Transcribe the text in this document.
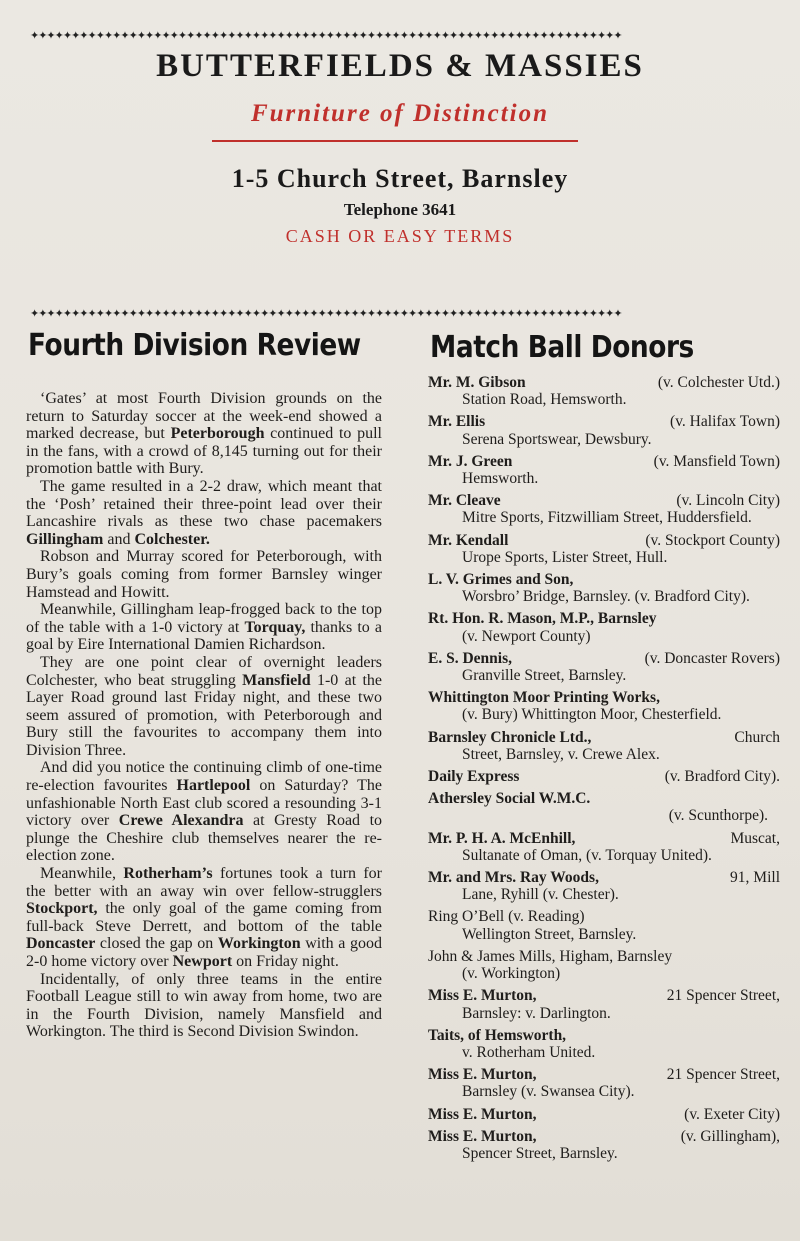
✦✦✦✦✦✦✦✦✦✦✦✦✦✦✦✦✦✦✦✦✦✦✦✦✦✦✦✦✦✦✦✦✦✦✦✦✦✦✦✦✦✦✦✦✦✦✦✦✦✦✦✦✦✦✦✦✦✦✦✦✦✦✦✦✦✦✦✦✦✦✦✦
BUTTERFIELDS & MASSIES
Furniture of Distinction
1-5 Church Street, Barnsley
Telephone 3641
CASH OR EASY TERMS
✦✦✦✦✦✦✦✦✦✦✦✦✦✦✦✦✦✦✦✦✦✦✦✦✦✦✦✦✦✦✦✦✦✦✦✦✦✦✦✦✦✦✦✦✦✦✦✦✦✦✦✦✦✦✦✦✦✦✦✦✦✦✦✦✦✦✦✦✦✦✦✦
Fourth Division Review

‘Gates’ at most Fourth Division grounds on the return to Saturday soccer at the week-end showed a marked decrease, but Peterborough continued to pull in the fans, with a crowd of 8,145 turning out for their promotion battle with Bury.

The game resulted in a 2-2 draw, which meant that the ‘Posh’ retained their three-point lead over their Lancashire rivals as these two chase pacemakers Gillingham and Colchester.

Robson and Murray scored for Peterborough, with Bury’s goals coming from former Barnsley winger Hamstead and Howitt.

Meanwhile, Gillingham leap-frogged back to the top of the table with a 1-0 victory at Torquay, thanks to a goal by Eire International Damien Richardson.

They are one point clear of overnight leaders Colchester, who beat struggling Mansfield 1-0 at the Layer Road ground last Friday night, and these two seem assured of promotion, with Peterborough and Bury still the favourites to accompany them into Division Three.

And did you notice the continuing climb of one-time re-election favourites Hartlepool on Saturday? The unfashionable North East club scored a resounding 3-1 victory over Crewe Alexandra at Gresty Road to plunge the Cheshire club themselves nearer the re-election zone.

Meanwhile, Rotherham’s fortunes took a turn for the better with an away win over fellow-strugglers Stockport, the only goal of the game coming from full-back Steve Derrett, and bottom of the table Doncaster closed the gap on Workington with a good 2-0 home victory over Newport on Friday night.

Incidentally, of only three teams in the entire Football League still to win away from home, two are in the Fourth Division, namely Mansfield and Workington. The third is Second Division Swindon.

Match Ball Donors
Mr. M. Gibson	(v. Colchester Utd.)
Station Road, Hemsworth.
Mr. Ellis	(v. Halifax Town)
Serena Sportswear, Dewsbury.
Mr. J. Green	(v. Mansfield Town)
Hemsworth.
Mr. Cleave	(v. Lincoln City)
Mitre Sports, Fitzwilliam Street, Huddersfield.
Mr. Kendall	(v. Stockport County)
Urope Sports, Lister Street, Hull.
L. V. Grimes and Son,
Worsbro’ Bridge, Barnsley. (v. Bradford City).
Rt. Hon. R. Mason, M.P., Barnsley
(v. Newport County)
E. S. Dennis,	(v. Doncaster Rovers)
Granville Street, Barnsley.
Whittington Moor Printing Works,
(v. Bury) Whittington Moor, Chesterfield.
Barnsley Chronicle Ltd.,	Church
Street, Barnsley, v. Crewe Alex.
Daily Express	(v. Bradford City).
Athersley Social W.M.C.
(v. Scunthorpe).
Mr. P. H. A. McEnhill,	Muscat,
Sultanate of Oman, (v. Torquay United).
Mr. and Mrs. Ray Woods,	91, Mill
Lane, Ryhill (v. Chester).
Ring O’Bell (v. Reading)
Wellington Street, Barnsley.
John & James Mills, Higham, Barnsley
(v. Workington)
Miss E. Murton,	21 Spencer Street,
Barnsley: v. Darlington.
Taits, of Hemsworth,
v. Rotherham United.
Miss E. Murton,	21 Spencer Street,
Barnsley (v. Swansea City).
Miss E. Murton,	(v. Exeter City)
Miss E. Murton,	(v. Gillingham),
Spencer Street, Barnsley.
